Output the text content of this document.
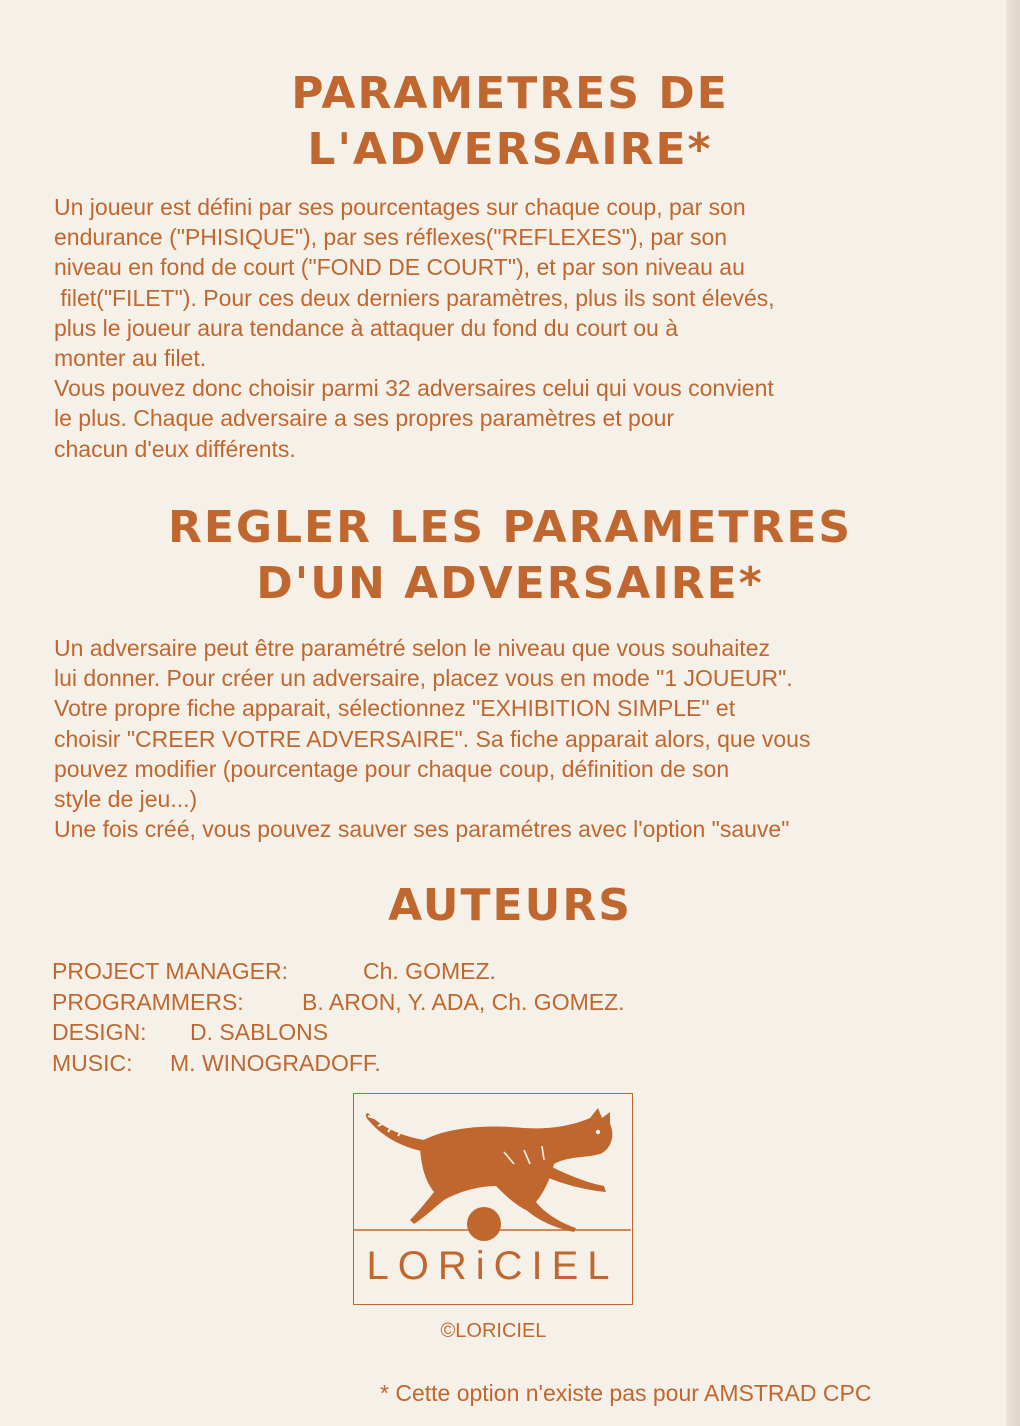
PARAMETRES DE
L'ADVERSAIRE*
Un joueur est défini par ses pourcentages sur chaque coup, par son
endurance ("PHISIQUE"), par ses réflexes("REFLEXES"), par son
niveau en fond de court ("FOND DE COURT"), et par son niveau au
filet("FILET"). Pour ces deux derniers paramètres, plus ils sont élevés,
plus le joueur aura tendance à attaquer du fond du court ou à
monter au filet.
Vous pouvez donc choisir parmi 32 adversaires celui qui vous convient
le plus. Chaque adversaire a ses propres paramètres et pour
chacun d'eux différents.
REGLER LES PARAMETRES
D'UN ADVERSAIRE*
Un adversaire peut être paramétré selon le niveau que vous souhaitez
lui donner. Pour créer un adversaire, placez vous en mode "1 JOUEUR".
Votre propre fiche apparait, sélectionnez "EXHIBITION SIMPLE" et
choisir "CREER VOTRE ADVERSAIRE". Sa fiche apparait alors, que vous
pouvez modifier (pourcentage pour chaque coup, définition de son
style de jeu...)
Une fois créé, vous pouvez sauver ses paramétres avec l'option "sauve"
AUTEURS
PROJECT MANAGER:	Ch. GOMEZ.
PROGRAMMERS:	B. ARON, Y. ADA, Ch. GOMEZ.
DESIGN: D. SABLONS
MUSIC: M. WINOGRADOFF.
LORiCIEL
©LORICIEL
* Cette option n'existe pas pour AMSTRAD CPC
